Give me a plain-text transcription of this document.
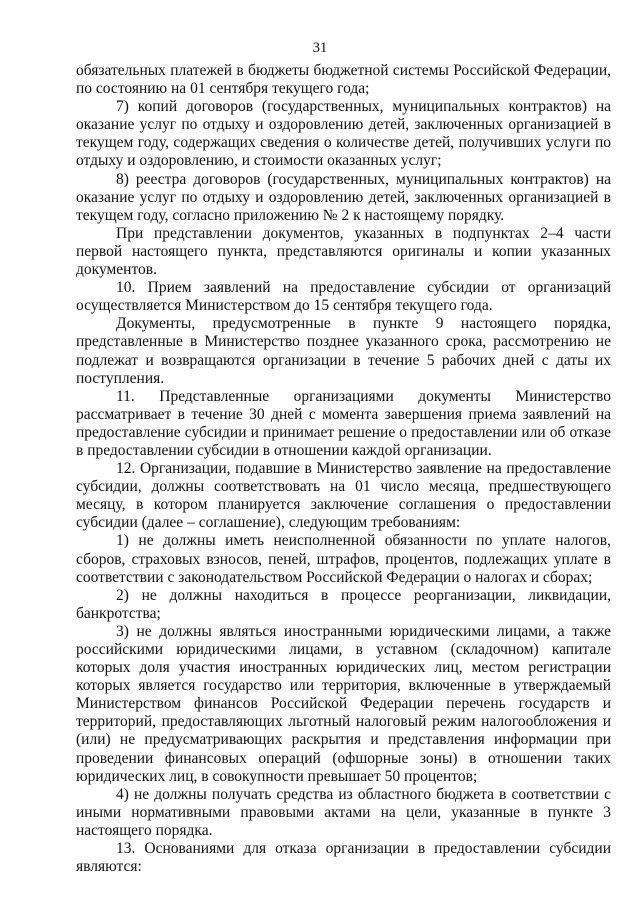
31

обязательных платежей в бюджеты бюджетной системы Российской Федерации, по состоянию на 01 сентября текущего года;

7) копий договоров (государственных, муниципальных контрактов) на оказание услуг по отдыху и оздоровлению детей, заключенных организацией в текущем году, содержащих сведения о количестве детей, получивших услуги по отдыху и оздоровлению, и стоимости оказанных услуг;

8) реестра договоров (государственных, муниципальных контрактов) на оказание услуг по отдыху и оздоровлению детей, заключенных организацией в текущем году, согласно приложению № 2 к настоящему порядку.

При представлении документов, указанных в подпунктах 2–4 части первой настоящего пункта, представляются оригиналы и копии указанных документов.

10. Прием заявлений на предоставление субсидии от организаций осуществляется Министерством до 15 сентября текущего года.

Документы, предусмотренные в пункте 9 настоящего порядка, представленные в Министерство позднее указанного срока, рассмотрению не подлежат и возвращаются организации в течение 5 рабочих дней с даты их поступления.

11. Представленные организациями документы Министерство рассматривает в течение 30 дней с момента завершения приема заявлений на предоставление субсидии и принимает решение о предоставлении или об отказе в предоставлении субсидии в отношении каждой организации.

12. Организации, подавшие в Министерство заявление на предоставление субсидии, должны соответствовать на 01 число месяца, предшествующего месяцу, в котором планируется заключение соглашения о предоставлении субсидии (далее – соглашение), следующим требованиям:

1) не должны иметь неисполненной обязанности по уплате налогов, сборов, страховых взносов, пеней, штрафов, процентов, подлежащих уплате в соответствии с законодательством Российской Федерации о налогах и сборах;

2) не должны находиться в процессе реорганизации, ликвидации, банкротства;

3) не должны являться иностранными юридическими лицами, а также российскими юридическими лицами, в уставном (складочном) капитале которых доля участия иностранных юридических лиц, местом регистрации которых является государство или территория, включенные в утверждаемый Министерством финансов Российской Федерации перечень государств и территорий, предоставляющих льготный налоговый режим налогообложения и (или) не предусматривающих раскрытия и представления информации при проведении финансовых операций (офшорные зоны) в отношении таких юридических лиц, в совокупности превышает 50 процентов;

4) не должны получать средства из областного бюджета в соответствии с иными нормативными правовыми актами на цели, указанные в пункте 3 настоящего порядка.

13. Основаниями для отказа организации в предоставлении субсидии являются:
